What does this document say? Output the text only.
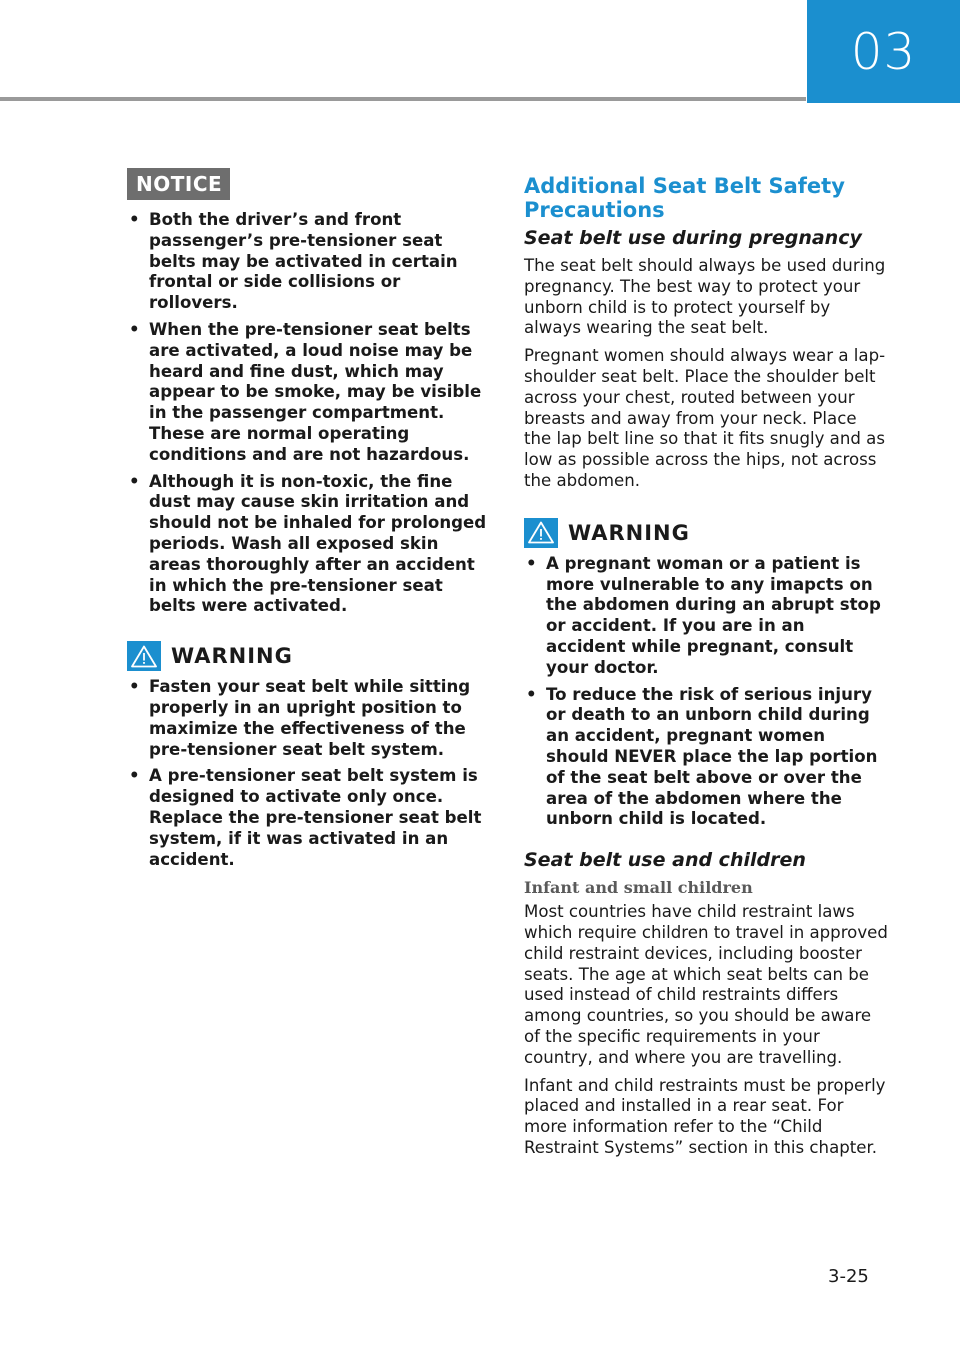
03
NOTICE
• Both the driver’s and front passenger’s pre-tensioner seat belts may be activated in certain frontal or side collisions or rollovers.
• When the pre-tensioner seat belts are activated, a loud noise may be heard and fine dust, which may appear to be smoke, may be visible in the passenger compartment. These are normal operating conditions and are not hazardous.
• Although it is non-toxic, the fine dust may cause skin irritation and should not be inhaled for prolonged periods. Wash all exposed skin areas thoroughly after an accident in which the pre-tensioner seat belts were activated.
WARNING
• Fasten your seat belt while sitting properly in an upright position to maximize the effectiveness of the pre-tensioner seat belt system.
• A pre-tensioner seat belt system is designed to activate only once. Replace the pre-tensioner seat belt system, if it was activated in an accident.
Additional Seat Belt Safety Precautions
Seat belt use during pregnancy

The seat belt should always be used during pregnancy. The best way to protect your unborn child is to protect yourself by always wearing the seat belt.

Pregnant women should always wear a lap-shoulder seat belt. Place the shoulder belt across your chest, routed between your breasts and away from your neck. Place the lap belt line so that it fits snugly and as low as possible across the hips, not across the abdomen.

WARNING
• A pregnant woman or a patient is more vulnerable to any imapcts on the abdomen during an abrupt stop or accident. If you are in an accident while pregnant, consult your doctor.
• To reduce the risk of serious injury or death to an unborn child during an accident, pregnant women should NEVER place the lap portion of the seat belt above or over the area of the abdomen where the unborn child is located.
Seat belt use and children
Infant and small children

Most countries have child restraint laws which require children to travel in approved child restraint devices, including booster seats. The age at which seat belts can be used instead of child restraints differs among countries, so you should be aware of the specific requirements in your country, and where you are travelling.

Infant and child restraints must be properly placed and installed in a rear seat. For more information refer to the “Child Restraint Systems” section in this chapter.

3-25
